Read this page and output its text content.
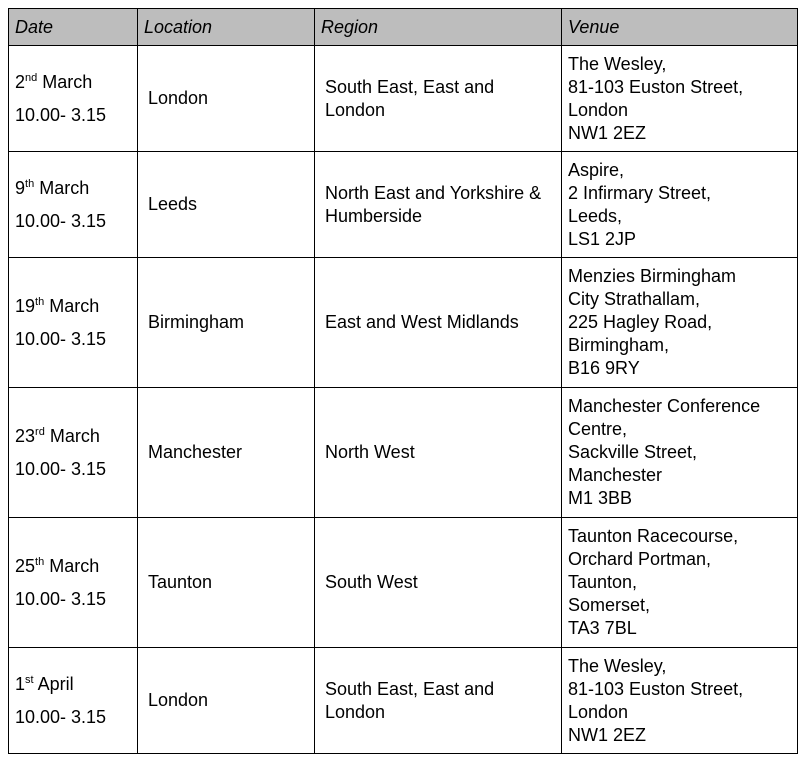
Date	Location	Region	Venue

2nd March
10.00- 3.15	London	South East, East and London	The Wesley,
81-103 Euston Street,
London
NW1 2EZ

9th March
10.00- 3.15	Leeds	North East and Yorkshire & Humberside	Aspire,
2 Infirmary Street,
Leeds,
LS1 2JP

19th March
10.00- 3.15	Birmingham	East and West Midlands	Menzies Birmingham
City Strathallam,
225 Hagley Road,
Birmingham,
B16 9RY

23rd March
10.00- 3.15	Manchester	North West	Manchester Conference
Centre,
Sackville Street,
Manchester
M1 3BB

25th March
10.00- 3.15	Taunton	South West	Taunton Racecourse,
Orchard Portman,
Taunton,
Somerset,
TA3 7BL

1st April
10.00- 3.15	London	South East, East and London	The Wesley,
81-103 Euston Street,
London
NW1 2EZ
